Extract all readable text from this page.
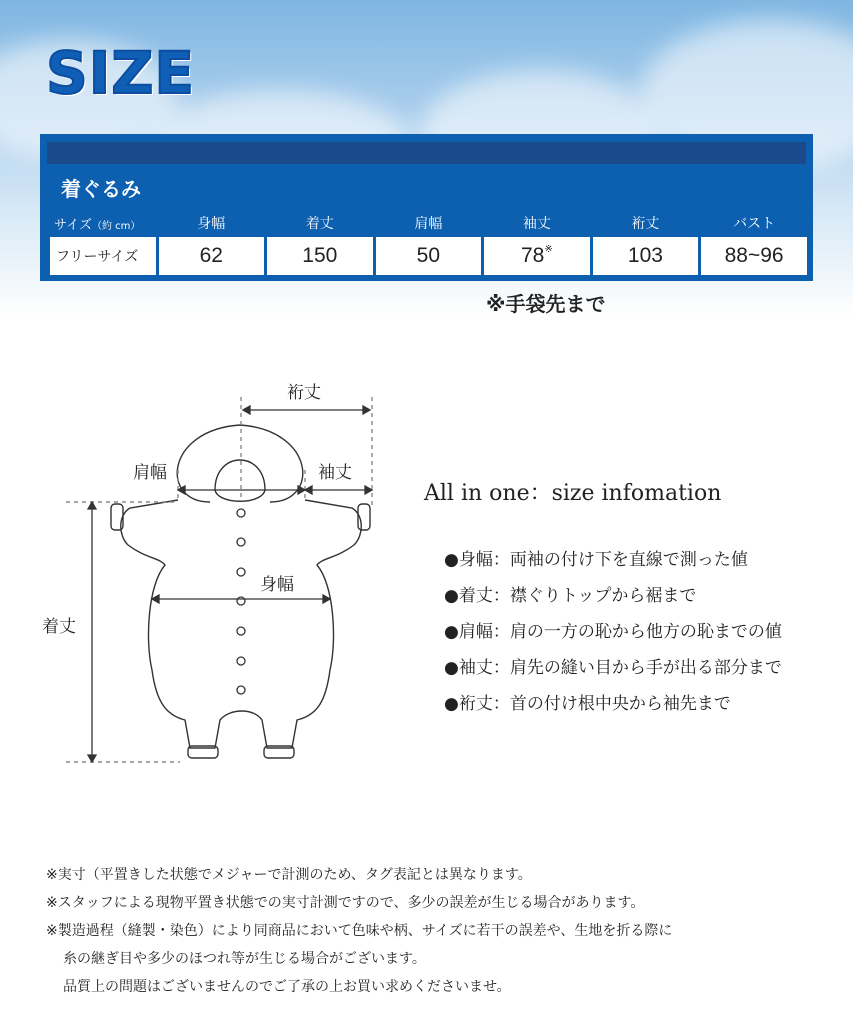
SIZE
着ぐるみ
サイズ（約 cm）	身幅	着丈	肩幅	袖丈	裄丈	バスト
フリーサイズ	62	150	50	78※	103	88~96
※手袋先まで
裄丈
肩幅	袖丈
身幅
着丈
All in one：size infomation
●身幅：両袖の付け下を直線で測った値
●着丈：襟ぐりトップから裾まで
●肩幅：肩の一方の恥から他方の恥までの値
●袖丈：肩先の縫い目から手が出る部分まで
●裄丈：首の付け根中央から袖先まで

※実寸（平置きした状態でメジャーで計測のため、タグ表記とは異なります。

※スタッフによる現物平置き状態での実寸計測ですので、多少の誤差が生じる場合があります。

※製造過程（縫製・染色）により同商品において色味や柄、サイズに若干の誤差や、生地を折る際に

糸の継ぎ目や多少のほつれ等が生じる場合がございます。

品質上の問題はございませんのでご了承の上お買い求めくださいませ。
